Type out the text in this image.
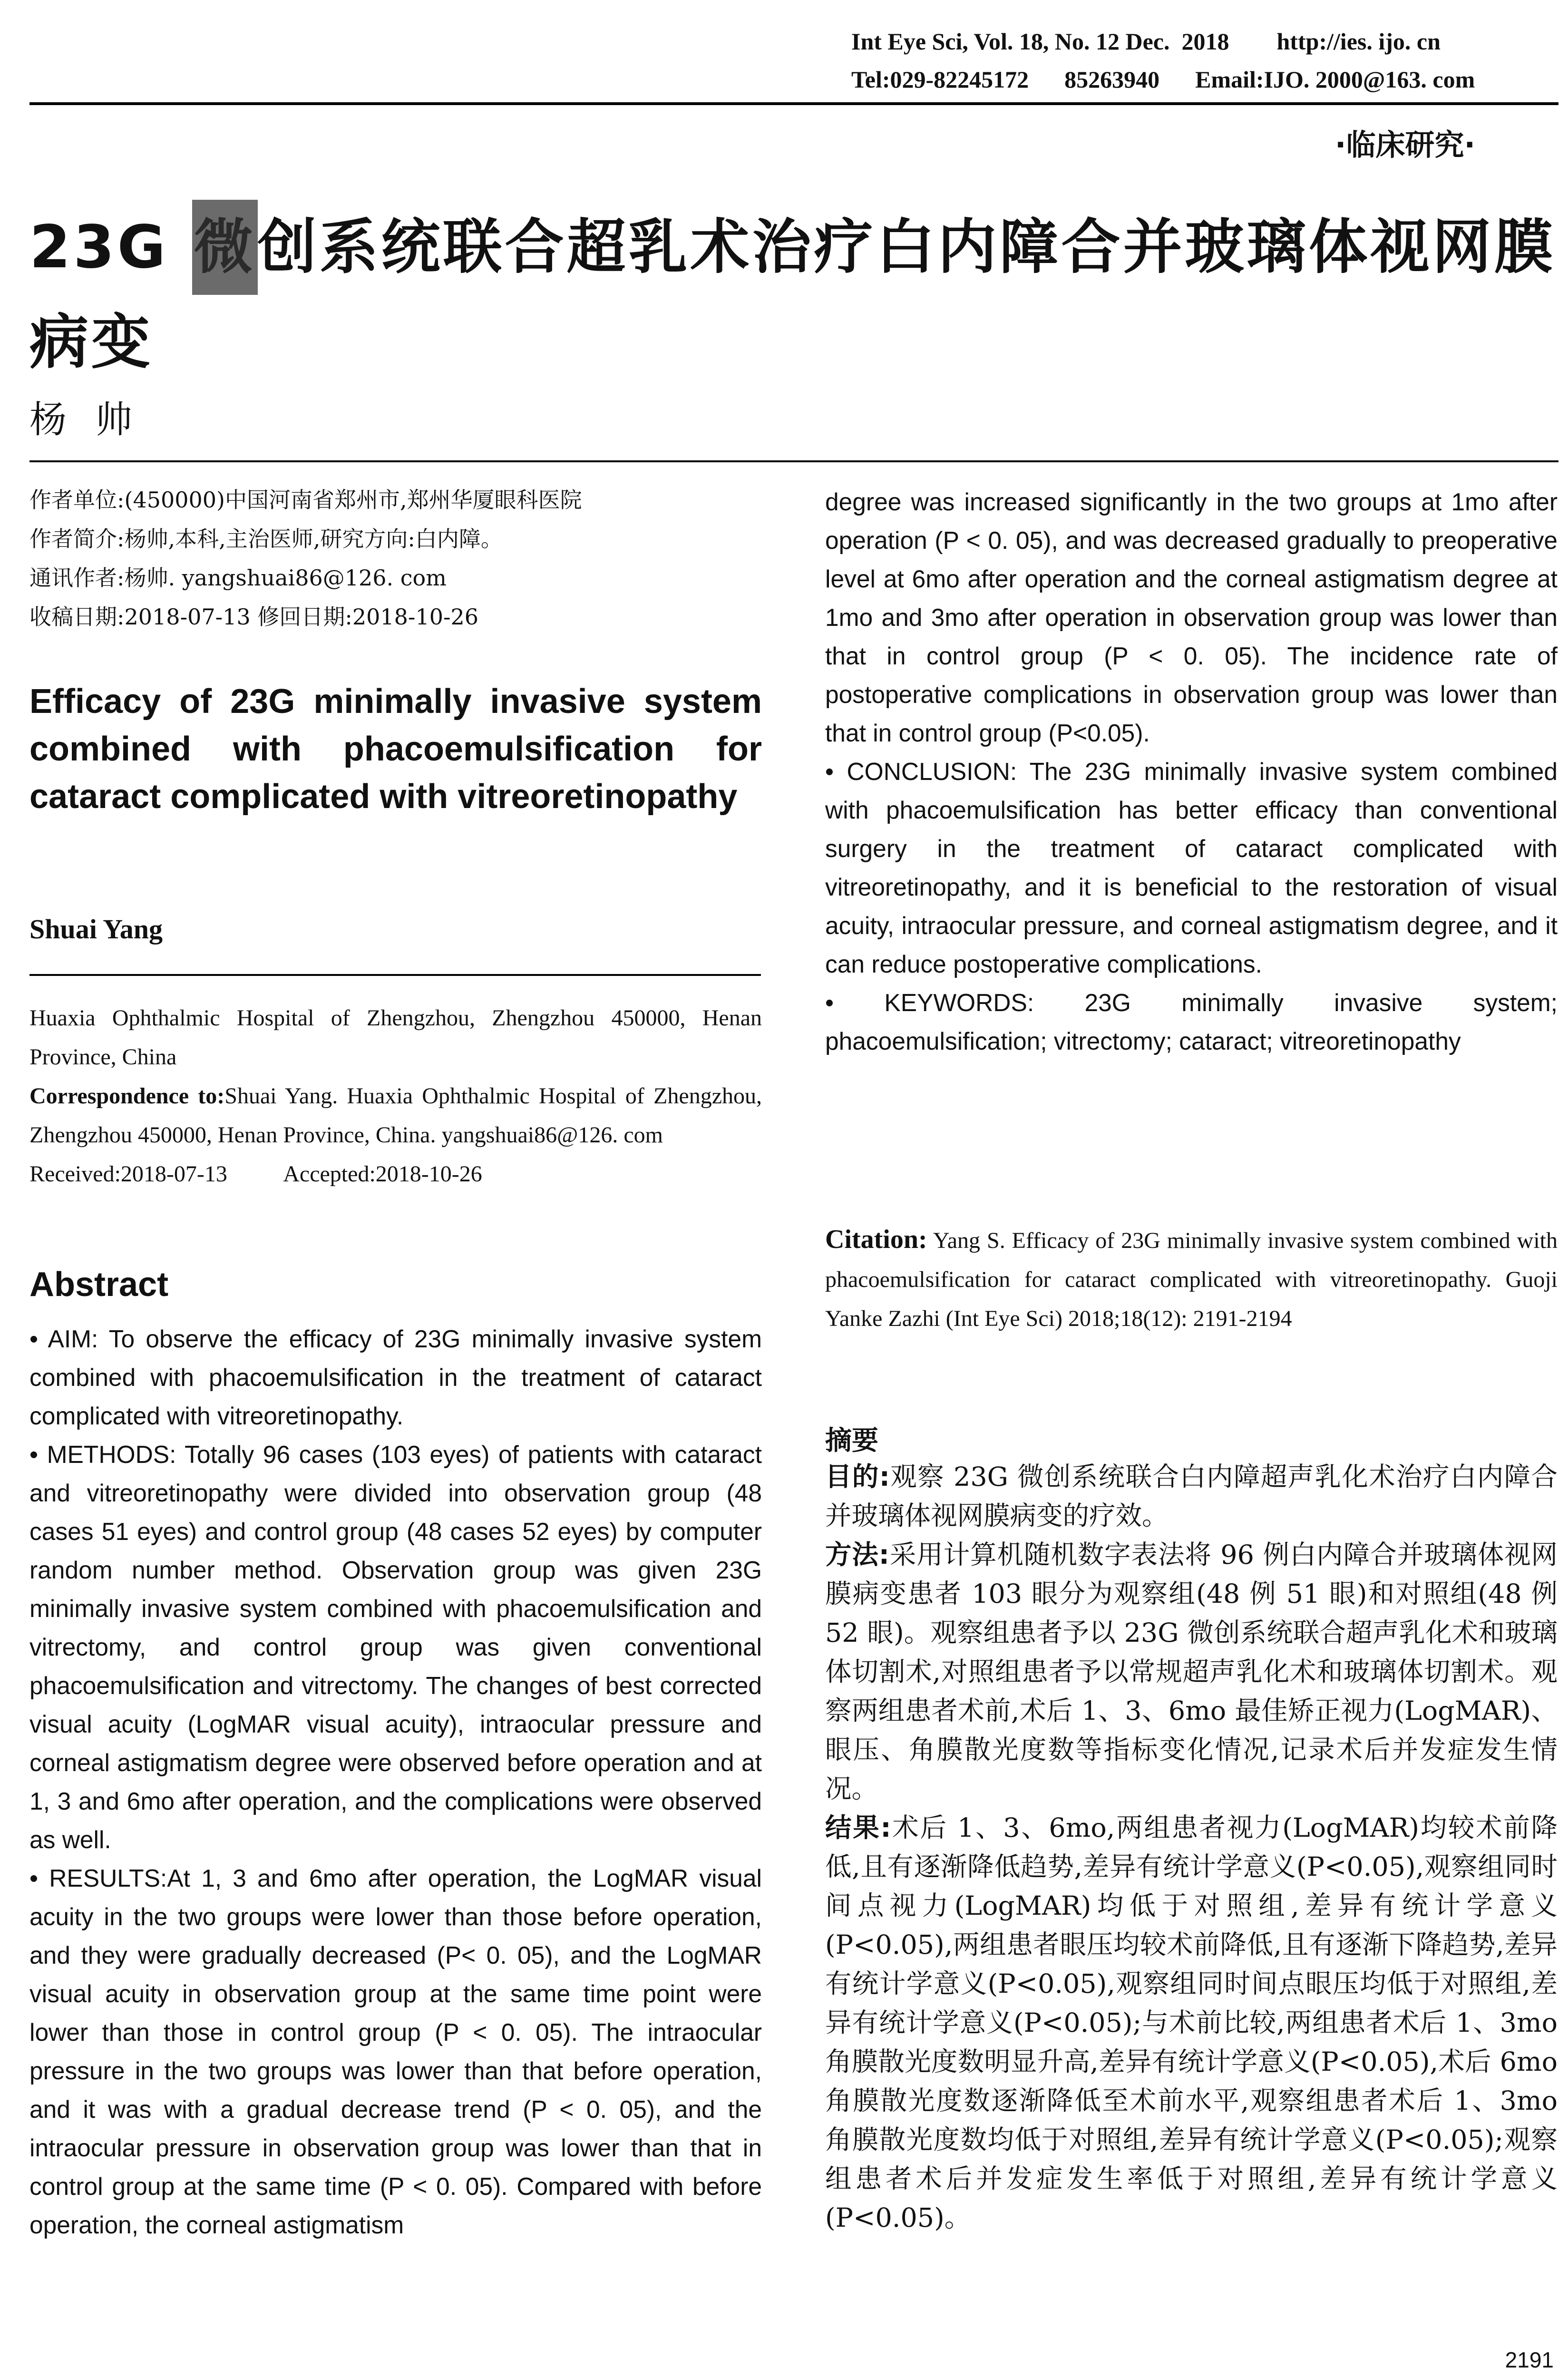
Int Eye Sci, Vol. 18, No. 12 Dec.  2018        http://ies. ijo. cn
Tel:029-82245172      85263940      Email:IJO. 2000@163. com
·临床研究·
23G 微创系统联合超乳术治疗白内障合并玻璃体视网膜病变
杨帅
作者单位:(450000)中国河南省郑州市,郑州华厦眼科医院
作者简介:杨帅,本科,主治医师,研究方向:白内障。
通讯作者:杨帅. yangshuai86@126. com
收稿日期:2018-07-13 修回日期:2018-10-26
Efficacy of 23G minimally invasive system combined with phacoemulsification for cataract complicated with vitreoretinopathy
Shuai Yang
Huaxia Ophthalmic Hospital of Zhengzhou, Zhengzhou 450000, Henan Province, China
Correspondence to:Shuai Yang. Huaxia Ophthalmic Hospital of Zhengzhou, Zhengzhou 450000, Henan Province, China. yangshuai86@126. com
Received:2018-07-13          Accepted:2018-10-26
Abstract

• AIM: To observe the efficacy of 23G minimally invasive system combined with phacoemulsification in the treatment of cataract complicated with vitreoretinopathy.

• METHODS: Totally 96 cases (103 eyes) of patients with cataract and vitreoretinopathy were divided into observation group (48 cases 51 eyes) and control group (48 cases 52 eyes) by computer random number method. Observation group was given 23G minimally invasive system combined with phacoemulsification and vitrectomy, and control group was given conventional phacoemulsification and vitrectomy. The changes of best corrected visual acuity (LogMAR visual acuity), intraocular pressure and corneal astigmatism degree were observed before operation and at 1, 3 and 6mo after operation, and the complications were observed as well.

• RESULTS:At 1, 3 and 6mo after operation, the LogMAR visual acuity in the two groups were lower than those before operation, and they were gradually decreased (P< 0. 05), and the LogMAR visual acuity in observation group at the same time point were lower than those in control group (P < 0. 05). The intraocular pressure in the two groups was lower than that before operation, and it was with a gradual decrease trend (P < 0. 05), and the intraocular pressure in observation group was lower than that in control group at the same time (P < 0. 05). Compared with before operation, the corneal astigmatism

degree was increased significantly in the two groups at 1mo after operation (P < 0. 05), and was decreased gradually to preoperative level at 6mo after operation and the corneal astigmatism degree at 1mo and 3mo after operation in observation group was lower than that in control group (P < 0. 05). The incidence rate of postoperative complications in observation group was lower than that in control group (P<0.05).

• CONCLUSION: The 23G minimally invasive system combined with phacoemulsification has better efficacy than conventional surgery in the treatment of cataract complicated with vitreoretinopathy, and it is beneficial to the restoration of visual acuity, intraocular pressure, and corneal astigmatism degree, and it can reduce postoperative complications.

• KEYWORDS: 23G minimally invasive system; phacoemulsification; vitrectomy; cataract; vitreoretinopathy

Citation: Yang S. Efficacy of 23G minimally invasive system combined with phacoemulsification for cataract complicated with vitreoretinopathy. Guoji Yanke Zazhi (Int Eye Sci) 2018;18(12): 2191-2194
摘要

目的:观察 23G 微创系统联合白内障超声乳化术治疗白内障合并玻璃体视网膜病变的疗效。

方法:采用计算机随机数字表法将 96 例白内障合并玻璃体视网膜病变患者 103 眼分为观察组(48 例 51 眼)和对照组(48 例 52 眼)。观察组患者予以 23G 微创系统联合超声乳化术和玻璃体切割术,对照组患者予以常规超声乳化术和玻璃体切割术。观察两组患者术前,术后 1、3、6mo 最佳矫正视力(LogMAR)、眼压、角膜散光度数等指标变化情况,记录术后并发症发生情况。

结果:术后 1、3、6mo,两组患者视力(LogMAR)均较术前降低,且有逐渐降低趋势,差异有统计学意义(P<0.05),观察组同时间点视力(LogMAR)均低于对照组,差异有统计学意义(P<0.05),两组患者眼压均较术前降低,且有逐渐下降趋势,差异有统计学意义(P<0.05),观察组同时间点眼压均低于对照组,差异有统计学意义(P<0.05);与术前比较,两组患者术后 1、3mo 角膜散光度数明显升高,差异有统计学意义(P<0.05),术后 6mo 角膜散光度数逐渐降低至术前水平,观察组患者术后 1、3mo 角膜散光度数均低于对照组,差异有统计学意义(P<0.05);观察组患者术后并发症发生率低于对照组,差异有统计学意义(P<0.05)。

2191
